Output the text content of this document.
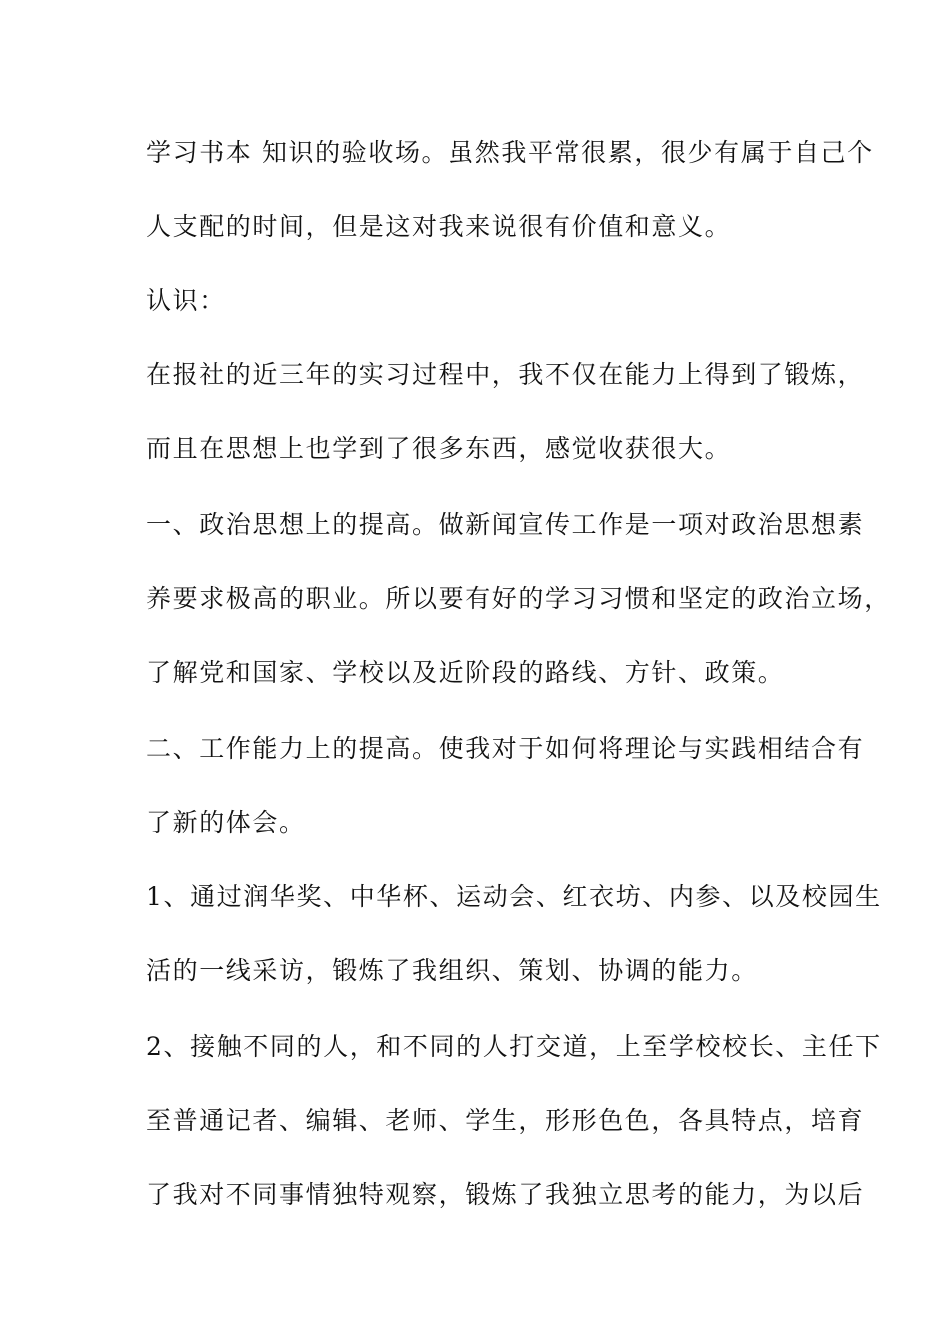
学习书本 知识的验收场。虽然我平常很累，很少有属于自己个
人支配的时间，但是这对我来说很有价值和意义。
认识：
在报社的近三年的实习过程中，我不仅在能力上得到了锻炼，
而且在思想上也学到了很多东西，感觉收获很大。
一、政治思想上的提高。做新闻宣传工作是一项对政治思想素
养要求极高的职业。所以要有好的学习习惯和坚定的政治立场，
了解党和国家、学校以及近阶段的路线、方针、政策。
二、工作能力上的提高。使我对于如何将理论与实践相结合有
了新的体会。
1、通过润华奖、中华杯、运动会、红衣坊、内参、以及校园生
活的一线采访，锻炼了我组织、策划、协调的能力。
2、接触不同的人，和不同的人打交道，上至学校校长、主任下
至普通记者、编辑、老师、学生，形形色色，各具特点，培育
了我对不同事情独特观察，锻炼了我独立思考的能力，为以后
